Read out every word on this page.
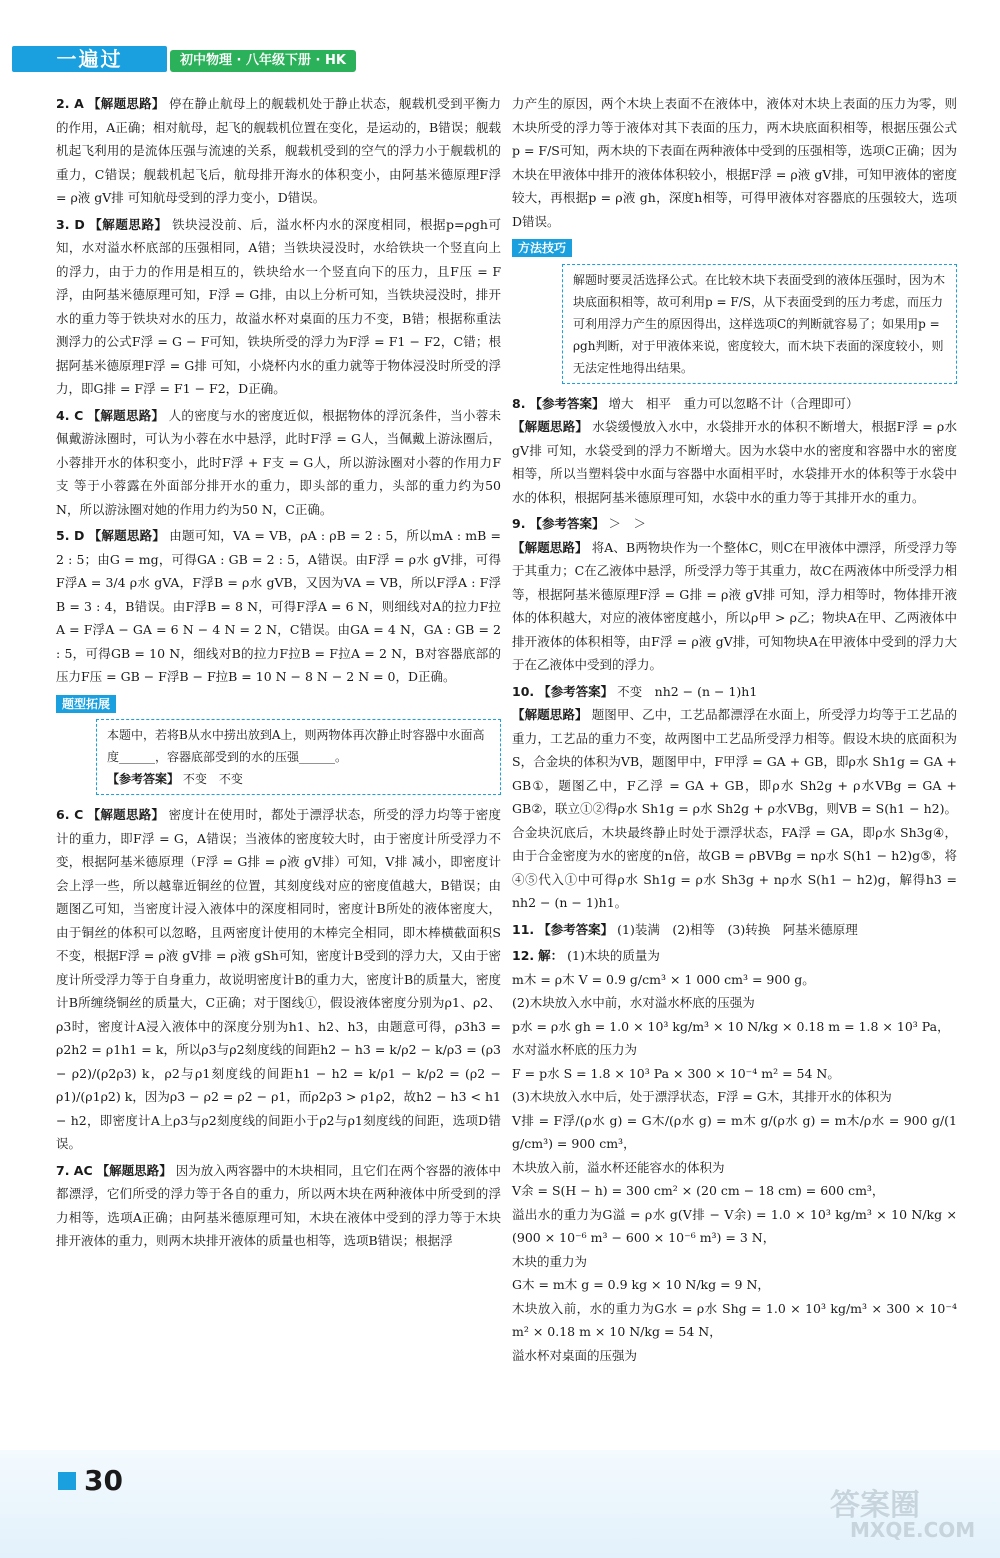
一遍过	初中物理 · 八年级下册 · HK
2. A 【解题思路】 停在静止航母上的舰载机处于静止状态，舰载机受到平衡力的作用，A正确；相对航母，起飞的舰载机位置在变化，是运动的，B错误；舰载机起飞利用的是流体压强与流速的关系，舰载机受到的空气的浮力小于舰载机的重力，C错误；舰载机起飞后，航母排开海水的体积变小，由阿基米德原理F浮 = ρ液 gV排 可知航母受到的浮力变小，D错误。
3. D 【解题思路】 铁块浸没前、后，溢水杯内水的深度相同，根据p=ρgh可知，水对溢水杯底部的压强相同，A错；当铁块浸没时，水给铁块一个竖直向上的浮力，由于力的作用是相互的，铁块给水一个竖直向下的压力，且F压 = F浮，由阿基米德原理可知，F浮 = G排，由以上分析可知，当铁块浸没时，排开水的重力等于铁块对水的压力，故溢水杯对桌面的压力不变，B错；根据称重法测浮力的公式F浮 = G − F可知，铁块所受的浮力为F浮 = F1 − F2，C错；根据阿基米德原理F浮 = G排 可知，小烧杯内水的重力就等于物体浸没时所受的浮力，即G排 = F浮 = F1 − F2，D正确。
4. C 【解题思路】 人的密度与水的密度近似，根据物体的浮沉条件，当小蓉未佩戴游泳圈时，可认为小蓉在水中悬浮，此时F浮 = G人，当佩戴上游泳圈后，小蓉排开水的体积变小，此时F浮 + F支 = G人，所以游泳圈对小蓉的作用力F支 等于小蓉露在外面部分排开水的重力，即头部的重力，头部的重力约为50 N，所以游泳圈对她的作用力约为50 N，C正确。
5. D 【解题思路】 由题可知，VA = VB，ρA : ρB = 2 : 5，所以mA : mB = 2 : 5；由G = mg，可得GA : GB = 2 : 5，A错误。由F浮 = ρ水 gV排，可得F浮A = 3/4 ρ水 gVA，F浮B = ρ水 gVB，又因为VA = VB，所以F浮A : F浮B = 3 : 4，B错误。由F浮B = 8 N，可得F浮A = 6 N，则细线对A的拉力F拉A = F浮A − GA = 6 N − 4 N = 2 N，C错误。由GA = 4 N，GA : GB = 2 : 5，可得GB = 10 N，细线对B的拉力F拉B = F拉A = 2 N，B对容器底部的压力F压 = GB − F浮B − F拉B = 10 N − 8 N − 2 N = 0，D正确。
题型拓展
本题中，若将B从水中捞出放到A上，则两物体再次静止时容器中水面高度______，容器底部受到的水的压强______。
【参考答案】 不变　不变
6. C 【解题思路】 密度计在使用时，都处于漂浮状态，所受的浮力均等于密度计的重力，即F浮 = G，A错误；当液体的密度较大时，由于密度计所受浮力不变，根据阿基米德原理（F浮 = G排 = ρ液 gV排）可知，V排 减小，即密度计会上浮一些，所以越靠近铜丝的位置，其刻度线对应的密度值越大，B错误；由题图乙可知，当密度计浸入液体中的深度相同时，密度计B所处的液体密度大，由于铜丝的体积可以忽略，且两密度计使用的木棒完全相同，即木棒横截面积S不变，根据F浮 = ρ液 gV排 = ρ液 gSh可知，密度计B受到的浮力大，又由于密度计所受浮力等于自身重力，故说明密度计B的重力大，密度计B的质量大，密度计B所缠绕铜丝的质量大，C正确；对于图线①，假设液体密度分别为ρ1、ρ2、ρ3时，密度计A浸入液体中的深度分别为h1、h2、h3，由题意可得，ρ3h3 = ρ2h2 = ρ1h1 = k，所以ρ3与ρ2刻度线的间距h2 − h3 = k/ρ2 − k/ρ3 = (ρ3 − ρ2)/(ρ2ρ3) k，ρ2与ρ1刻度线的间距h1 − h2 = k/ρ1 − k/ρ2 = (ρ2 − ρ1)/(ρ1ρ2) k，因为ρ3 − ρ2 = ρ2 − ρ1，而ρ2ρ3 > ρ1ρ2，故h2 − h3 < h1 − h2，即密度计A上ρ3与ρ2刻度线的间距小于ρ2与ρ1刻度线的间距，选项D错误。
7. AC 【解题思路】 因为放入两容器中的木块相同，且它们在两个容器的液体中都漂浮，它们所受的浮力等于各自的重力，所以两木块在两种液体中所受到的浮力相等，选项A正确；由阿基米德原理可知，木块在液体中受到的浮力等于木块排开液体的重力，则两木块排开液体的质量也相等，选项B错误；根据浮
力产生的原因，两个木块上表面不在液体中，液体对木块上表面的压力为零，则木块所受的浮力等于液体对其下表面的压力，两木块底面积相等，根据压强公式p = F/S可知，两木块的下表面在两种液体中受到的压强相等，选项C正确；因为木块在甲液体中排开的液体体积较小，根据F浮 = ρ液 gV排，可知甲液体的密度较大，再根据p = ρ液 gh，深度h相等，可得甲液体对容器底的压强较大，选项D错误。
方法技巧
解题时要灵活选择公式。在比较木块下表面受到的液体压强时，因为木块底面积相等，故可利用p = F/S，从下表面受到的压力考虑，而压力可利用浮力产生的原因得出，这样选项C的判断就容易了；如果用p = ρgh判断，对于甲液体来说，密度较大，而木块下表面的深度较小，则无法定性地得出结果。
8. 【参考答案】 增大　相平　重力可以忽略不计（合理即可）
【解题思路】 水袋缓慢放入水中，水袋排开水的体积不断增大，根据F浮 = ρ水 gV排 可知，水袋受到的浮力不断增大。因为水袋中水的密度和容器中水的密度相等，所以当塑料袋中水面与容器中水面相平时，水袋排开水的体积等于水袋中水的体积，根据阿基米德原理可知，水袋中水的重力等于其排开水的重力。
9. 【参考答案】 ＞　＞
【解题思路】 将A、B两物块作为一个整体C，则C在甲液体中漂浮，所受浮力等于其重力；C在乙液体中悬浮，所受浮力等于其重力，故C在两液体中所受浮力相等，根据阿基米德原理F浮 = G排 = ρ液 gV排 可知，浮力相等时，物体排开液体的体积越大，对应的液体密度越小，所以ρ甲 > ρ乙；物块A在甲、乙两液体中排开液体的体积相等，由F浮 = ρ液 gV排，可知物块A在甲液体中受到的浮力大于在乙液体中受到的浮力。
10. 【参考答案】 不变　nh2 − (n − 1)h1
【解题思路】 题图甲、乙中，工艺品都漂浮在水面上，所受浮力均等于工艺品的重力，工艺品的重力不变，故两图中工艺品所受浮力相等。假设木块的底面积为S，合金块的体积为VB，题图甲中，F甲浮 = GA + GB，即ρ水 Sh1g = GA + GB①，题图乙中，F乙浮 = GA + GB，即ρ水 Sh2g + ρ水VBg = GA + GB②，联立①②得ρ水 Sh1g = ρ水 Sh2g + ρ水VBg，则VB = S(h1 − h2)。合金块沉底后，木块最终静止时处于漂浮状态，FA浮 = GA，即ρ水 Sh3g④，由于合金密度为水的密度的n倍，故GB = ρBVBg = nρ水 S(h1 − h2)g⑤，将④⑤代入①中可得ρ水 Sh1g = ρ水 Sh3g + nρ水 S(h1 − h2)g，解得h3 = nh2 − (n − 1)h1。
11. 【参考答案】 (1)装满　(2)相等　(3)转换　阿基米德原理
12. 解： (1)木块的质量为
m木 = ρ木 V = 0.9 g/cm³ × 1 000 cm³ = 900 g。
(2)木块放入水中前，水对溢水杯底的压强为
p水 = ρ水 gh = 1.0 × 10³ kg/m³ × 10 N/kg × 0.18 m = 1.8 × 10³ Pa，
水对溢水杯底的压力为
F = p水 S = 1.8 × 10³ Pa × 300 × 10⁻⁴ m² = 54 N。
(3)木块放入水中后，处于漂浮状态，F浮 = G木，其排开水的体积为
V排 = F浮/(ρ水 g) = G木/(ρ水 g) = m木 g/(ρ水 g) = m木/ρ水 = 900 g/(1 g/cm³) = 900 cm³，
木块放入前，溢水杯还能容水的体积为
V余 = S(H − h) = 300 cm² × (20 cm − 18 cm) = 600 cm³，
溢出水的重力为G溢 = ρ水 g(V排 − V余) = 1.0 × 10³ kg/m³ × 10 N/kg × (900 × 10⁻⁶ m³ − 600 × 10⁻⁶ m³) = 3 N，
木块的重力为
G木 = m木 g = 0.9 kg × 10 N/kg = 9 N，
木块放入前，水的重力为G水 = ρ水 Shg = 1.0 × 10³ kg/m³ × 300 × 10⁻⁴ m² × 0.18 m × 10 N/kg = 54 N，
溢水杯对桌面的压强为
30
答案圈
MXQE.COM
